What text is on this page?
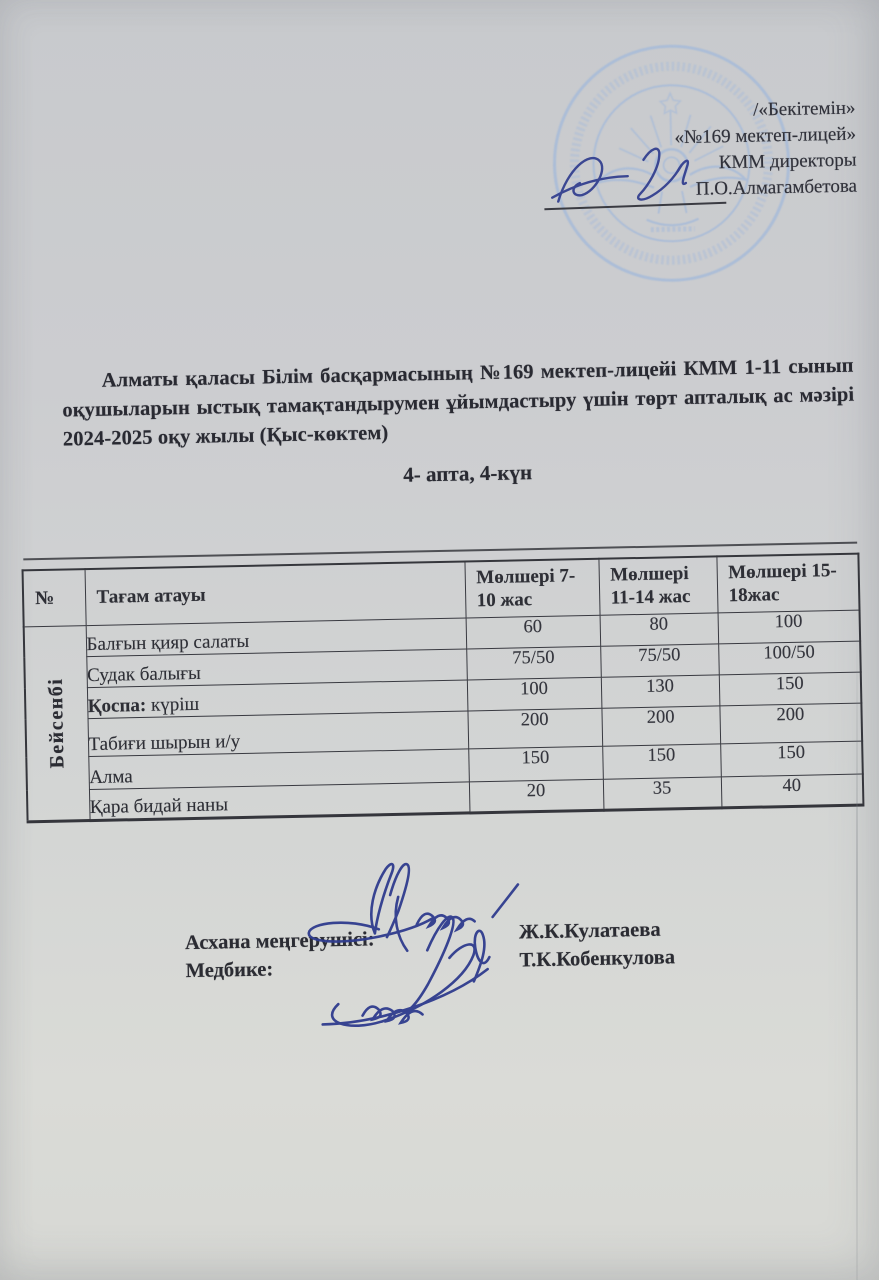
/«Бекітемін»
«№169 мектеп-лицей»
КММ директоры
П.О.Алмагамбетова

Алматы қаласы Білім басқармасының №169 мектеп-лицейі КММ 1-11 сынып оқушыларын ыстық тамақтандырумен ұйымдастыру үшін төрт апталық ас мәзірі 2024-2025 оқу жылы (Қыс-көктем)

4- апта, 4-күн
№	Тағам атауы	Мөлшері 7-10 жас	Мөлшері 11-14 жас	Мөлшері 15-18жас

Бейсенбі	Балғын қияр салаты	60	80	100
	Судак балығы	75/50	75/50	100/50
	Қоспа: күріш	100	130	150
	Табиғи шырын и/у	200	200	200
	Алма	150	150	150
	Қара бидай наны	20	35	40
Асхана меңгерушісі:
Медбике:
Ж.К.Кулатаева
Т.К.Кобенкулова
